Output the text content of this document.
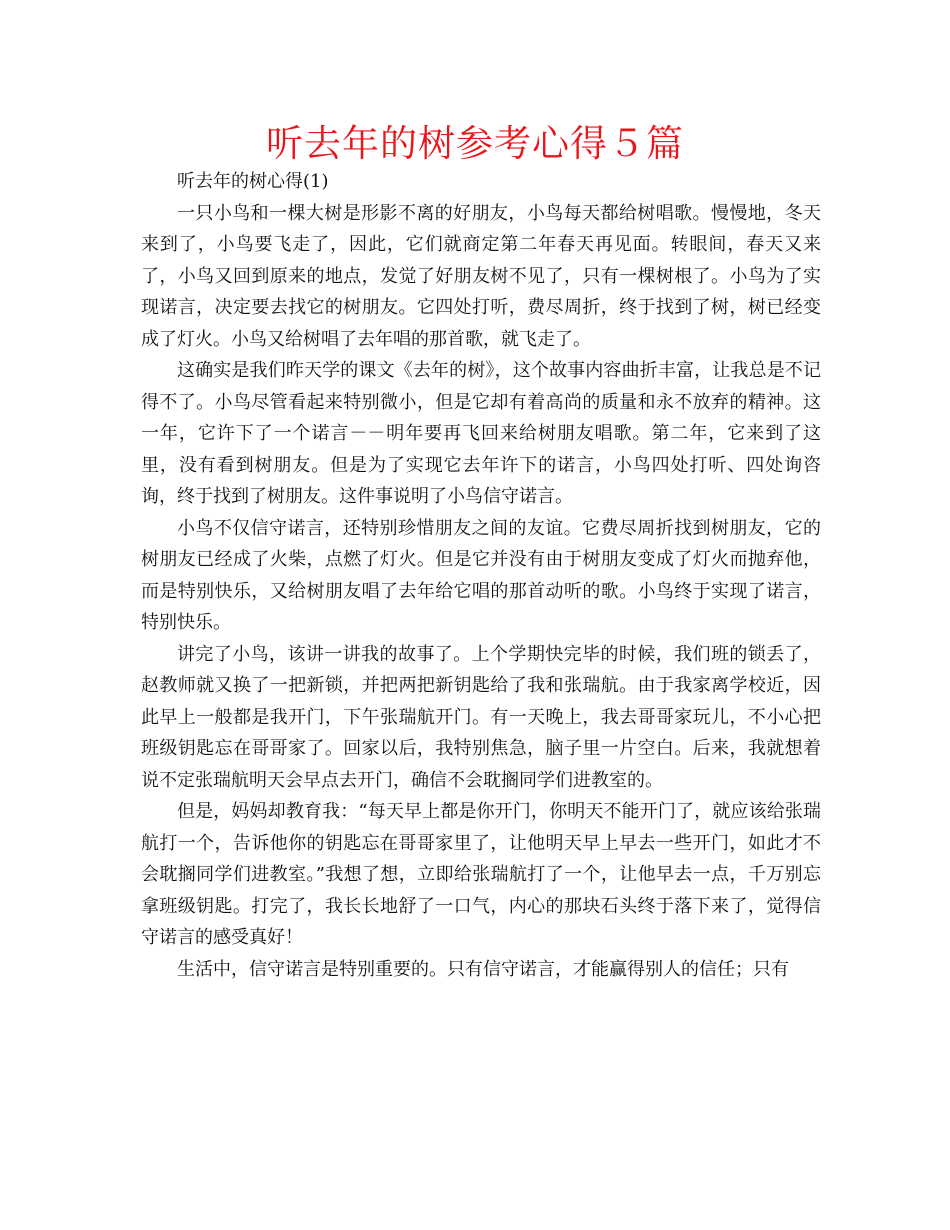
听去年的树参考心得５篇
听去年的树心得(1)

一只小鸟和一棵大树是形影不离的好朋友，小鸟每天都给树唱歌。慢慢地，冬天来到了，小鸟要飞走了，因此，它们就商定第二年春天再见面。转眼间，春天又来了，小鸟又回到原来的地点，发觉了好朋友树不见了，只有一棵树根了。小鸟为了实现诺言，决定要去找它的树朋友。它四处打听，费尽周折，终于找到了树，树已经变成了灯火。小鸟又给树唱了去年唱的那首歌，就飞走了。

这确实是我们昨天学的课文《去年的树》，这个故事内容曲折丰富，让我总是不记得不了。小鸟尽管看起来特别微小，但是它却有着高尚的质量和永不放弃的精神。这一年，它许下了一个诺言－－明年要再飞回来给树朋友唱歌。第二年，它来到了这里，没有看到树朋友。但是为了实现它去年许下的诺言，小鸟四处打听、四处询咨询，终于找到了树朋友。这件事说明了小鸟信守诺言。

小鸟不仅信守诺言，还特别珍惜朋友之间的友谊。它费尽周折找到树朋友，它的树朋友已经成了火柴，点燃了灯火。但是它并没有由于树朋友变成了灯火而抛弃他，而是特别快乐，又给树朋友唱了去年给它唱的那首动听的歌。小鸟终于实现了诺言，特别快乐。

讲完了小鸟，该讲一讲我的故事了。上个学期快完毕的时候，我们班的锁丢了，赵教师就又换了一把新锁，并把两把新钥匙给了我和张瑞航。由于我家离学校近，因此早上一般都是我开门，下午张瑞航开门。有一天晚上，我去哥哥家玩儿，不小心把班级钥匙忘在哥哥家了。回家以后，我特别焦急，脑子里一片空白。后来，我就想着说不定张瑞航明天会早点去开门，确信不会耽搁同学们进教室的。

但是，妈妈却教育我：“每天早上都是你开门，你明天不能开门了，就应该给张瑞航打一个，告诉他你的钥匙忘在哥哥家里了，让他明天早上早去一些开门，如此才不会耽搁同学们进教室。”我想了想，立即给张瑞航打了一个，让他早去一点，千万别忘拿班级钥匙。打完了，我长长地舒了一口气，内心的那块石头终于落下来了，觉得信守诺言的感受真好！

生活中，信守诺言是特别重要的。只有信守诺言，才能赢得别人的信任；只有
